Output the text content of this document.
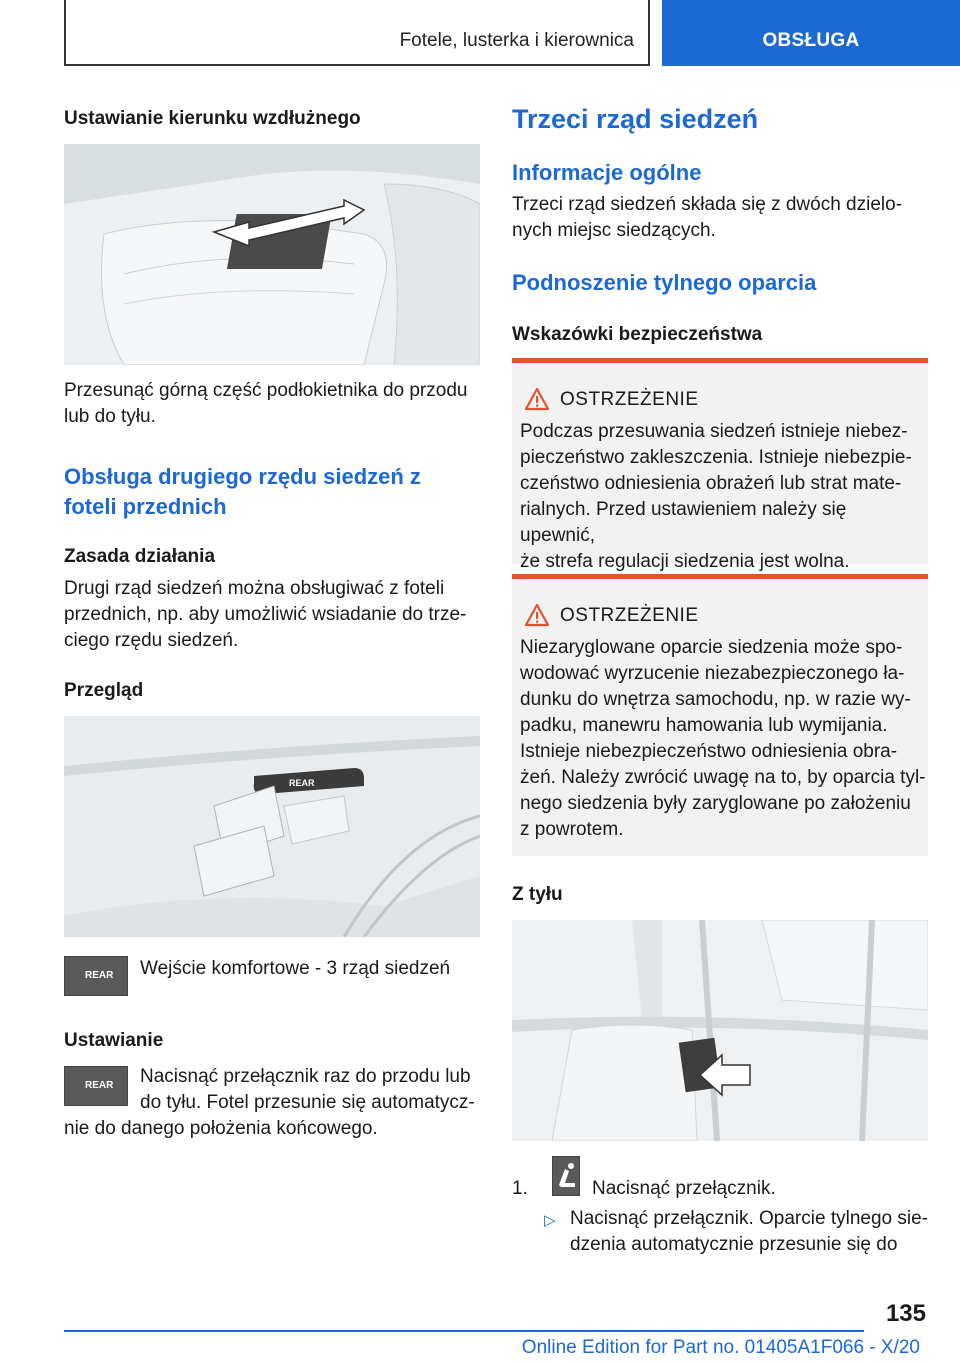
Fotele, lusterka i kierownica	OBSŁUGA
Ustawianie kierunku wzdłużnego
Przesunąć górną część podłokietnika do przodu
lub do tyłu.
Obsługa drugiego rzędu siedzeń z
foteli przednich
Zasada działania
Drugi rząd siedzeń można obsługiwać z foteli
przednich, np. aby umożliwić wsiadanie do trze-
ciego rzędu siedzeń.
Przegląd
REAR
REAR Wejście komfortowe - 3 rząd siedzeń
Ustawianie
REAR Nacisnąć przełącznik raz do przodu lub
do tyłu. Fotel przesunie się automatycz-
nie do danego położenia końcowego.
Trzeci rząd siedzeń
Informacje ogólne
Trzeci rząd siedzeń składa się z dwóch dzielo-
nych miejsc siedzących.
Podnoszenie tylnego oparcia
Wskazówki bezpieczeństwa
OSTRZEŻENIE
Podczas przesuwania siedzeń istnieje niebez-
pieczeństwo zakleszczenia. Istnieje niebezpie-
czeństwo odniesienia obrażeń lub strat mate-
rialnych. Przed ustawieniem należy się upewnić,
że strefa regulacji siedzenia jest wolna.
OSTRZEŻENIE
Niezaryglowane oparcie siedzenia może spo-
wodować wyrzucenie niezabezpieczonego ła-
dunku do wnętrza samochodu, np. w razie wy-
padku, manewru hamowania lub wymijania.
Istnieje niebezpieczeństwo odniesienia obra-
żeń. Należy zwrócić uwagę na to, by oparcia tyl-
nego siedzenia były zaryglowane po założeniu
z powrotem.
Z tyłu
1.	Nacisnąć przełącznik.
▷ Nacisnąć przełącznik. Oparcie tylnego sie-
dzenia automatycznie przesunie się do
135
Online Edition for Part no. 01405A1F066 - X/20
